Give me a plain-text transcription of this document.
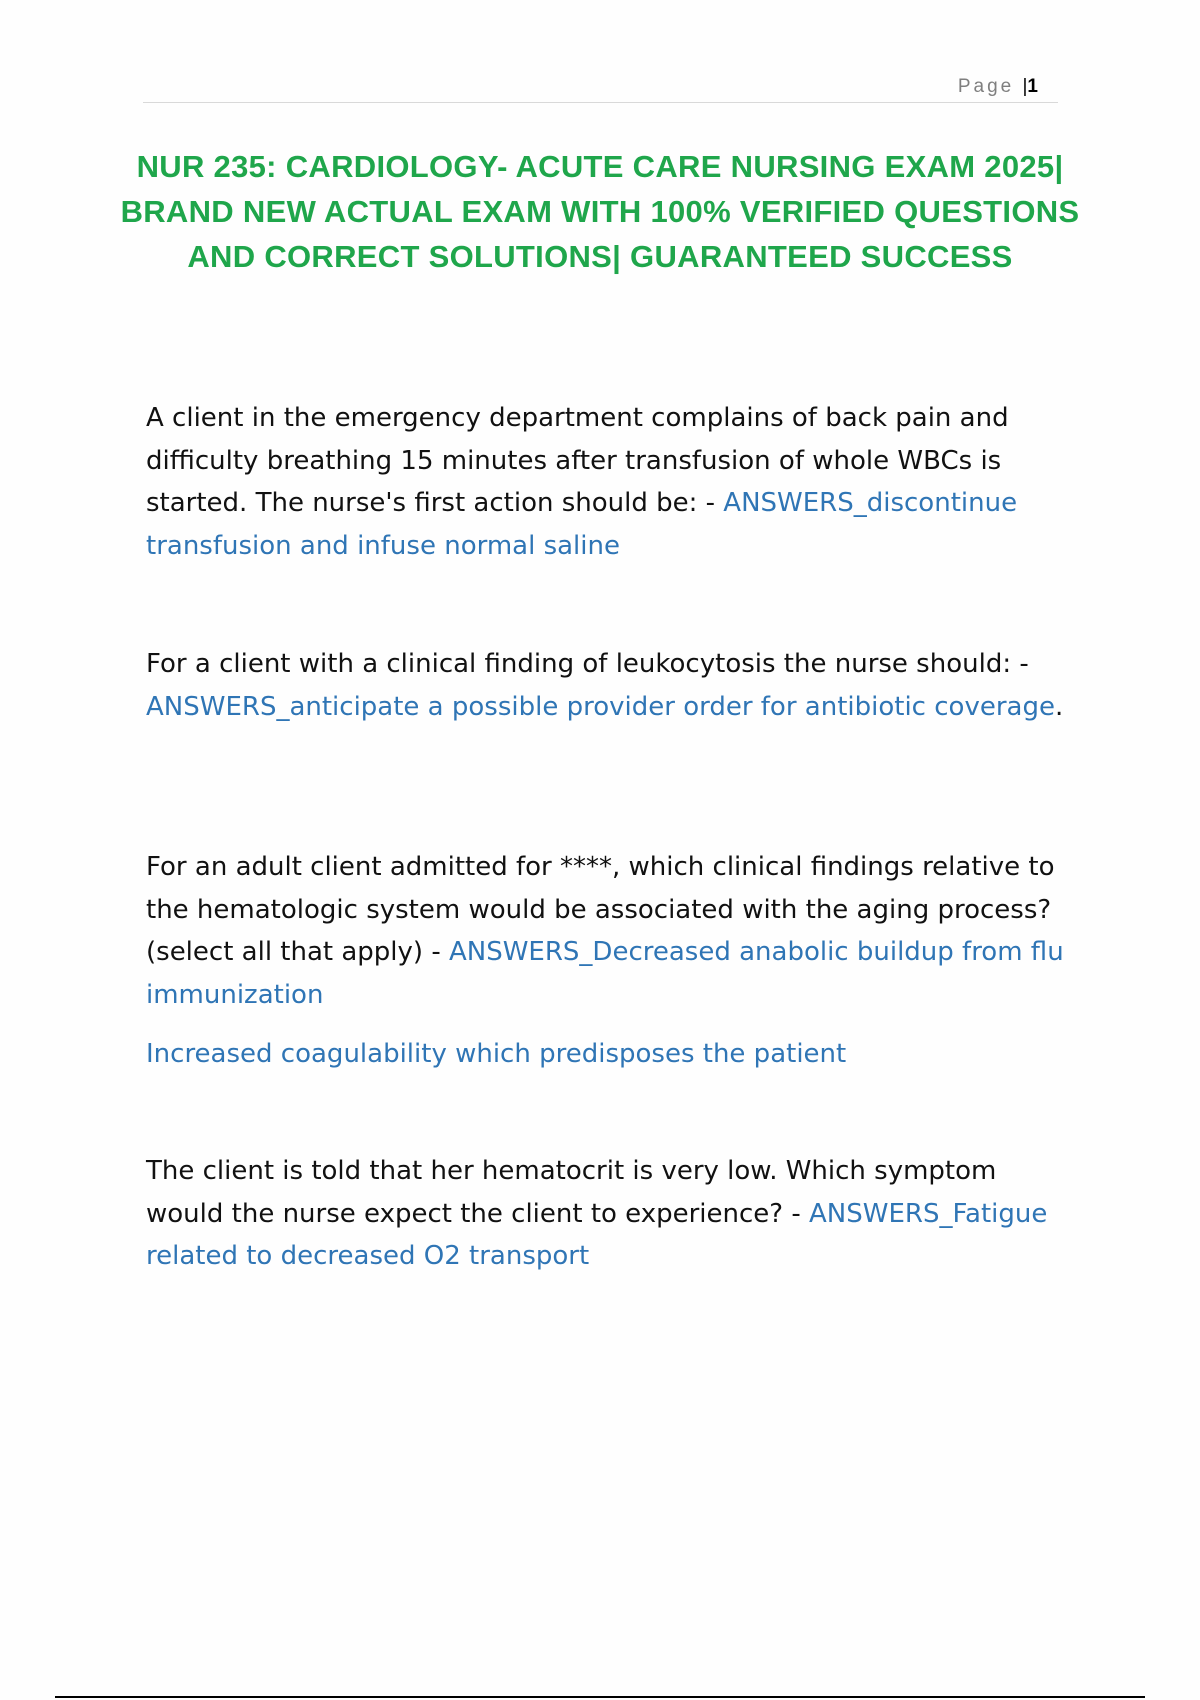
Page |1
NUR 235: CARDIOLOGY- ACUTE CARE NURSING EXAM 2025| BRAND NEW ACTUAL EXAM WITH 100% VERIFIED QUESTIONS AND CORRECT SOLUTIONS| GUARANTEED SUCCESS

A client in the emergency department complains of back pain and difficulty breathing 15 minutes after transfusion of whole WBCs is started. The nurse's first action should be: - ANSWERS_discontinue transfusion and infuse normal saline

For a client with a clinical finding of leukocytosis the nurse should: - ANSWERS_anticipate a possible provider order for antibiotic coverage.

For an adult client admitted for ****, which clinical findings relative to the hematologic system would be associated with the aging process? (select all that apply) - ANSWERS_Decreased anabolic buildup from flu immunization

Increased coagulability which predisposes the patient

The client is told that her hematocrit is very low. Which symptom would the nurse expect the client to experience? - ANSWERS_Fatigue related to decreased O2 transport
